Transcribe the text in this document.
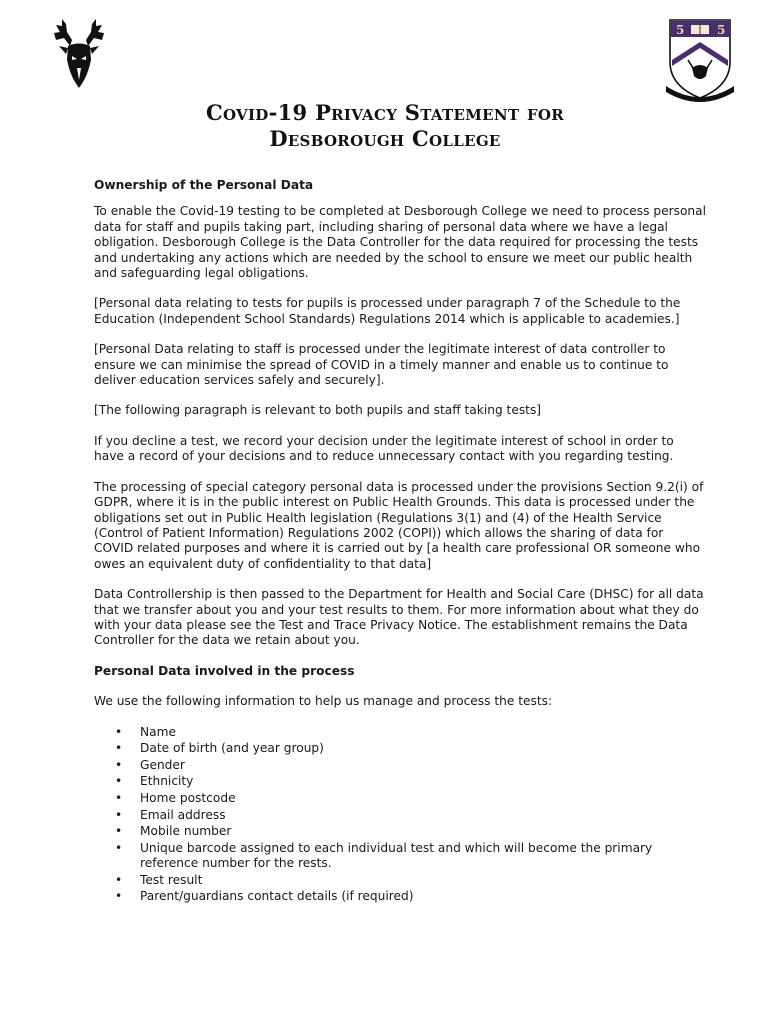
5	5
Covid-19 Privacy Statement for
Desborough College
Ownership of the Personal Data

To enable the Covid-19 testing to be completed at Desborough College we need to process personal data for staff and pupils taking part, including sharing of personal data where we have a legal obligation. Desborough College is the Data Controller for the data required for processing the tests and undertaking any actions which are needed by the school to ensure we meet our public health and safeguarding legal obligations.

[Personal data relating to tests for pupils is processed under paragraph 7 of the Schedule to the Education (Independent School Standards) Regulations 2014 which is applicable to academies.]

[Personal Data relating to staff is processed under the legitimate interest of data controller to ensure we can minimise the spread of COVID in a timely manner and enable us to continue to deliver education services safely and securely].

[The following paragraph is relevant to both pupils and staff taking tests]

If you decline a test, we record your decision under the legitimate interest of school in order to have a record of your decisions and to reduce unnecessary contact with you regarding testing.

The processing of special category personal data is processed under the provisions Section 9.2(i) of GDPR, where it is in the public interest on Public Health Grounds. This data is processed under the obligations set out in Public Health legislation (Regulations 3(1) and (4) of the Health Service (Control of Patient Information) Regulations 2002 (COPI)) which allows the sharing of data for COVID related purposes and where it is carried out by [a health care professional OR someone who owes an equivalent duty of confidentiality to that data]

Data Controllership is then passed to the Department for Health and Social Care (DHSC) for all data that we transfer about you and your test results to them. For more information about what they do with your data please see the Test and Trace Privacy Notice. The establishment remains the Data Controller for the data we retain about you.

Personal Data involved in the process

We use the following information to help us manage and process the tests:

• Name
• Date of birth (and year group)
• Gender
• Ethnicity
• Home postcode
• Email address
• Mobile number
• Unique barcode assigned to each individual test and which will become the primary reference number for the rests.
• Test result
• Parent/guardians contact details (if required)
